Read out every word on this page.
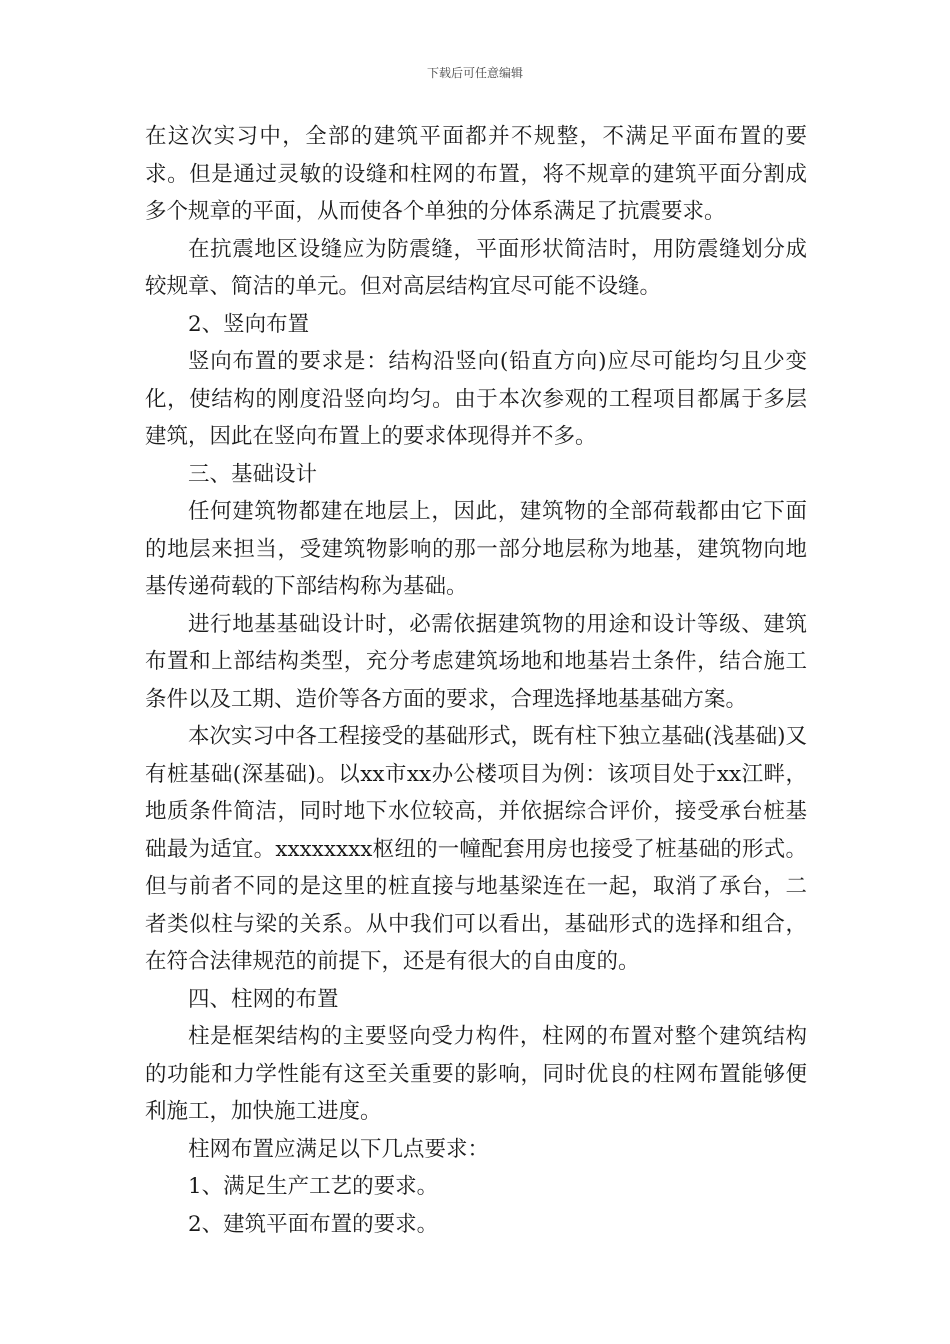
下载后可任意编辑

在这次实习中，全部的建筑平面都并不规整，不满足平面布置的要求。但是通过灵敏的设缝和柱网的布置，将不规章的建筑平面分割成多个规章的平面，从而使各个单独的分体系满足了抗震要求。

在抗震地区设缝应为防震缝，平面形状简洁时，用防震缝划分成较规章、简洁的单元。但对高层结构宜尽可能不设缝。

2、竖向布置

竖向布置的要求是：结构沿竖向(铅直方向)应尽可能均匀且少变化，使结构的刚度沿竖向均匀。由于本次参观的工程项目都属于多层建筑，因此在竖向布置上的要求体现得并不多。

三、基础设计

任何建筑物都建在地层上，因此，建筑物的全部荷载都由它下面的地层来担当，受建筑物影响的那一部分地层称为地基，建筑物向地基传递荷载的下部结构称为基础。

进行地基基础设计时，必需依据建筑物的用途和设计等级、建筑布置和上部结构类型，充分考虑建筑场地和地基岩土条件，结合施工条件以及工期、造价等各方面的要求，合理选择地基基础方案。

本次实习中各工程接受的基础形式，既有柱下独立基础(浅基础)又有桩基础(深基础)。以xx市xx办公楼项目为例：该项目处于xx江畔，地质条件简洁，同时地下水位较高，并依据综合评价，接受承台桩基础最为适宜。xxxxxxxx枢纽的一幢配套用房也接受了桩基础的形式。但与前者不同的是这里的桩直接与地基梁连在一起，取消了承台，二者类似柱与梁的关系。从中我们可以看出，基础形式的选择和组合，在符合法律规范的前提下，还是有很大的自由度的。

四、柱网的布置

柱是框架结构的主要竖向受力构件，柱网的布置对整个建筑结构的功能和力学性能有这至关重要的影响，同时优良的柱网布置能够便利施工，加快施工进度。

柱网布置应满足以下几点要求：

1、满足生产工艺的要求。

2、建筑平面布置的要求。
